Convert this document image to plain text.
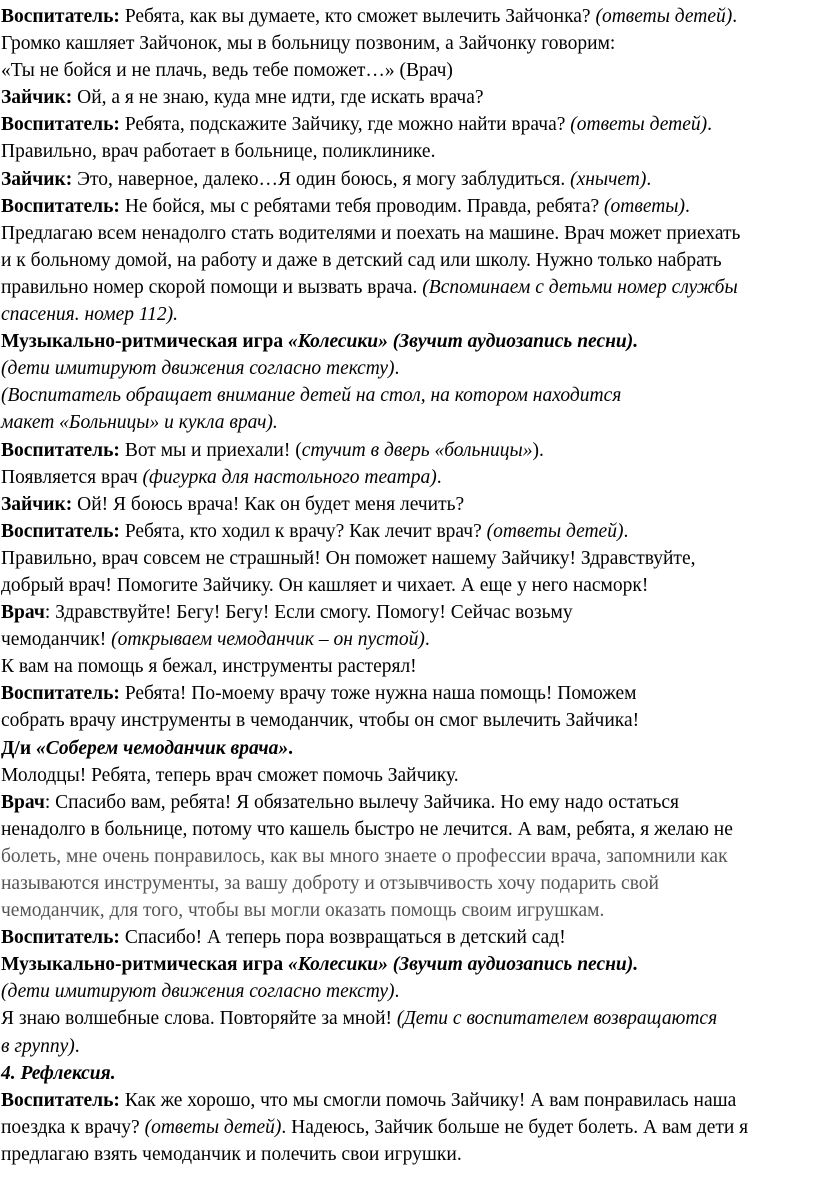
Воспитатель: Ребята, как вы думаете, кто сможет вылечить Зайчонка? (ответы детей).
Громко кашляет Зайчонок, мы в больницу позвоним, а Зайчонку говорим:
«Ты не бойся и не плачь, ведь тебе поможет…» (Врач)
Зайчик: Ой, а я не знаю, куда мне идти, где искать врача?
Воспитатель: Ребята, подскажите Зайчику, где можно найти врача? (ответы детей).
Правильно, врач работает в больнице, поликлинике.
Зайчик: Это, наверное, далеко…Я один боюсь, я могу заблудиться. (хнычет).
Воспитатель: Не бойся, мы с ребятами тебя проводим. Правда, ребята? (ответы).
Предлагаю всем ненадолго стать водителями и поехать на машине. Врач может приехать
и к больному домой, на работу и даже в детский сад или школу. Нужно только набрать
правильно номер скорой помощи и вызвать врача. (Вспоминаем с детьми номер службы
спасения. номер 112).
Музыкально-ритмическая игра «Колесики» (Звучит аудиозапись песни).
(дети имитируют движения согласно тексту).
(Воспитатель обращает внимание детей на стол, на котором находится
макет «Больницы» и кукла врач).
Воспитатель: Вот мы и приехали! (стучит в дверь «больницы»).
Появляется врач (фигурка для настольного театра).
Зайчик: Ой! Я боюсь врача! Как он будет меня лечить?
Воспитатель: Ребята, кто ходил к врачу? Как лечит врач? (ответы детей).
Правильно, врач совсем не страшный! Он поможет нашему Зайчику! Здравствуйте,
добрый врач! Помогите Зайчику. Он кашляет и чихает. А еще у него насморк!
Врач: Здравствуйте! Бегу! Бегу! Если смогу. Помогу! Сейчас возьму
чемоданчик! (открываем чемоданчик – он пустой).
К вам на помощь я бежал, инструменты растерял!
Воспитатель: Ребята! По-моему врачу тоже нужна наша помощь! Поможем
собрать врачу инструменты в чемоданчик, чтобы он смог вылечить Зайчика!
Д/и «Соберем чемоданчик врача».
Молодцы! Ребята, теперь врач сможет помочь Зайчику.
Врач: Спасибо вам, ребята! Я обязательно вылечу Зайчика. Но ему надо остаться
ненадолго в больнице, потому что кашель быстро не лечится. А вам, ребята, я желаю не
болеть, мне очень понравилось, как вы много знаете о профессии врача, запомнили как
называются инструменты, за вашу доброту и отзывчивость хочу подарить свой
чемоданчик, для того, чтобы вы могли оказать помощь своим игрушкам.
Воспитатель: Спасибо! А теперь пора возвращаться в детский сад!
Музыкально-ритмическая игра «Колесики» (Звучит аудиозапись песни).
(дети имитируют движения согласно тексту).
Я знаю волшебные слова. Повторяйте за мной! (Дети с воспитателем возвращаются
в группу).
4. Рефлексия.
Воспитатель: Как же хорошо, что мы смогли помочь Зайчику! А вам понравилась наша
поездка к врачу? (ответы детей). Надеюсь, Зайчик больше не будет болеть. А вам дети я
предлагаю взять чемоданчик и полечить свои игрушки.
